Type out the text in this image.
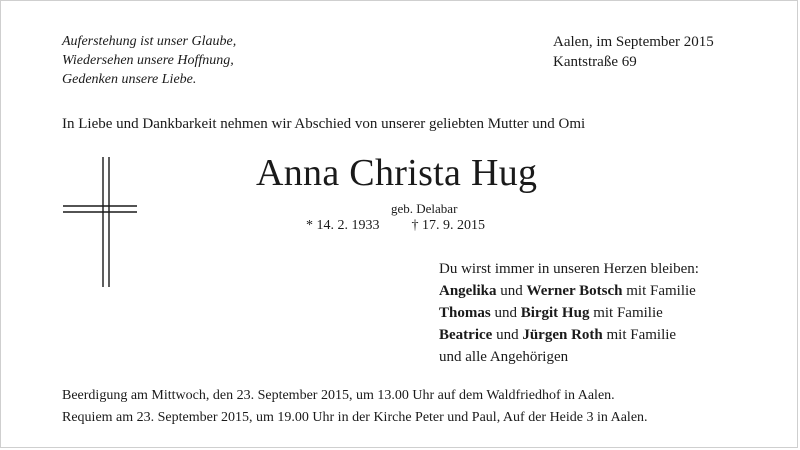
Auferstehung ist unser Glaube,
Wiedersehen unsere Hoffnung,
Gedenken unsere Liebe.
Aalen, im September 2015
Kantstraße 69
In Liebe und Dankbarkeit nehmen wir Abschied von unserer geliebten Mutter und Omi
Anna Christa Hug
geb. Delabar
* 14. 2. 1933 † 17. 9. 2015
Du wirst immer in unseren Herzen bleiben:
Angelika und Werner Botsch mit Familie
Thomas und Birgit Hug mit Familie
Beatrice und Jürgen Roth mit Familie
und alle Angehörigen
Beerdigung am Mittwoch, den 23. September 2015, um 13.00 Uhr auf dem Waldfriedhof in Aalen.
Requiem am 23. September 2015, um 19.00 Uhr in der Kirche Peter und Paul, Auf der Heide 3 in Aalen.
